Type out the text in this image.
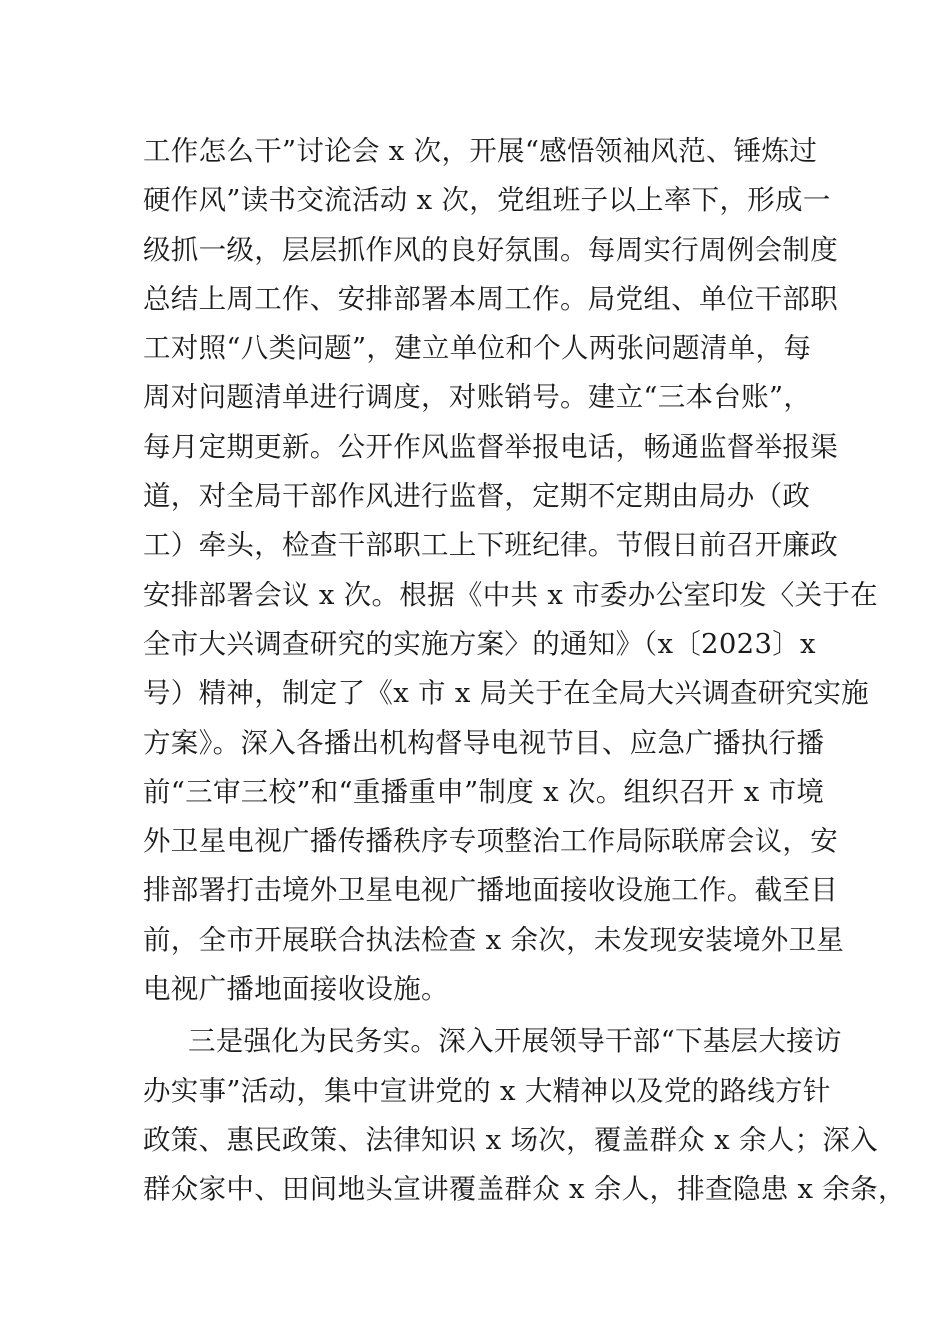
工作怎么干”讨论会 x 次，开展“感悟领袖风范、锤炼过
硬作风”读书交流活动 x 次，党组班子以上率下，形成一
级抓一级，层层抓作风的良好氛围。每周实行周例会制度
总结上周工作、安排部署本周工作。局党组、单位干部职
工对照“八类问题”，建立单位和个人两张问题清单，每
周对问题清单进行调度，对账销号。建立“三本台账”，
每月定期更新。公开作风监督举报电话，畅通监督举报渠
道，对全局干部作风进行监督，定期不定期由局办（政
工）牵头，检查干部职工上下班纪律。节假日前召开廉政
安排部署会议 x 次。根据《中共 x 市委办公室印发〈关于在
全市大兴调查研究的实施方案〉的通知》（x〔2023〕x
号）精神，制定了《x 市 x 局关于在全局大兴调查研究实施
方案》。深入各播出机构督导电视节目、应急广播执行播
前“三审三校”和“重播重申”制度 x 次。组织召开 x 市境
外卫星电视广播传播秩序专项整治工作局际联席会议，安
排部署打击境外卫星电视广播地面接收设施工作。截至目
前，全市开展联合执法检查 x 余次，未发现安装境外卫星
电视广播地面接收设施。
三是强化为民务实。深入开展领导干部“下基层大接访
办实事”活动，集中宣讲党的 x 大精神以及党的路线方针
政策、惠民政策、法律知识 x 场次，覆盖群众 x 余人；深入
群众家中、田间地头宣讲覆盖群众 x 余人，排查隐患 x 余条，
